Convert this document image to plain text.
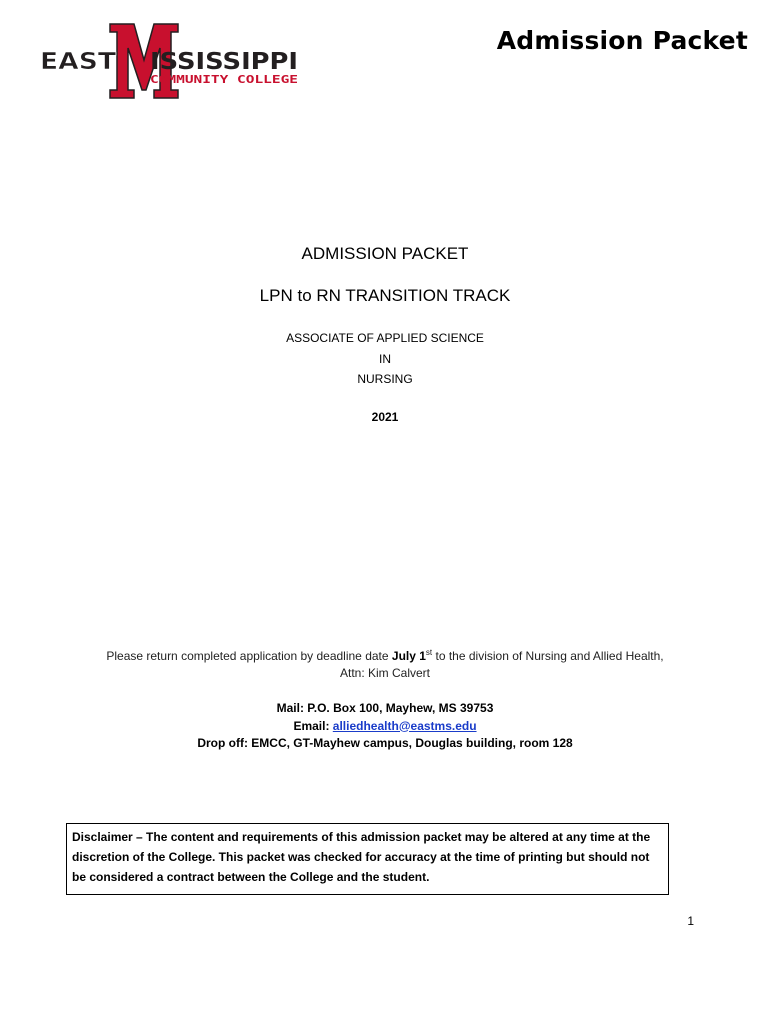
EAST ISSISSIPPI
COMMUNITY COLLEGE
Admission Packet
ADMISSION PACKET
LPN to RN TRANSITION TRACK
ASSOCIATE OF APPLIED SCIENCE
IN
NURSING
2021
Please return completed application by deadline date July 1st to the division of Nursing and Allied Health,
Attn: Kim Calvert
Mail: P.O. Box 100, Mayhew, MS 39753
Email: alliedhealth@eastms.edu
Drop off: EMCC, GT-Mayhew campus, Douglas building, room 128
Disclaimer – The content and requirements of this admission packet may be altered at any time at the discretion of the College. This packet was checked for accuracy at the time of printing but should not be considered a contract between the College and the student.
1
